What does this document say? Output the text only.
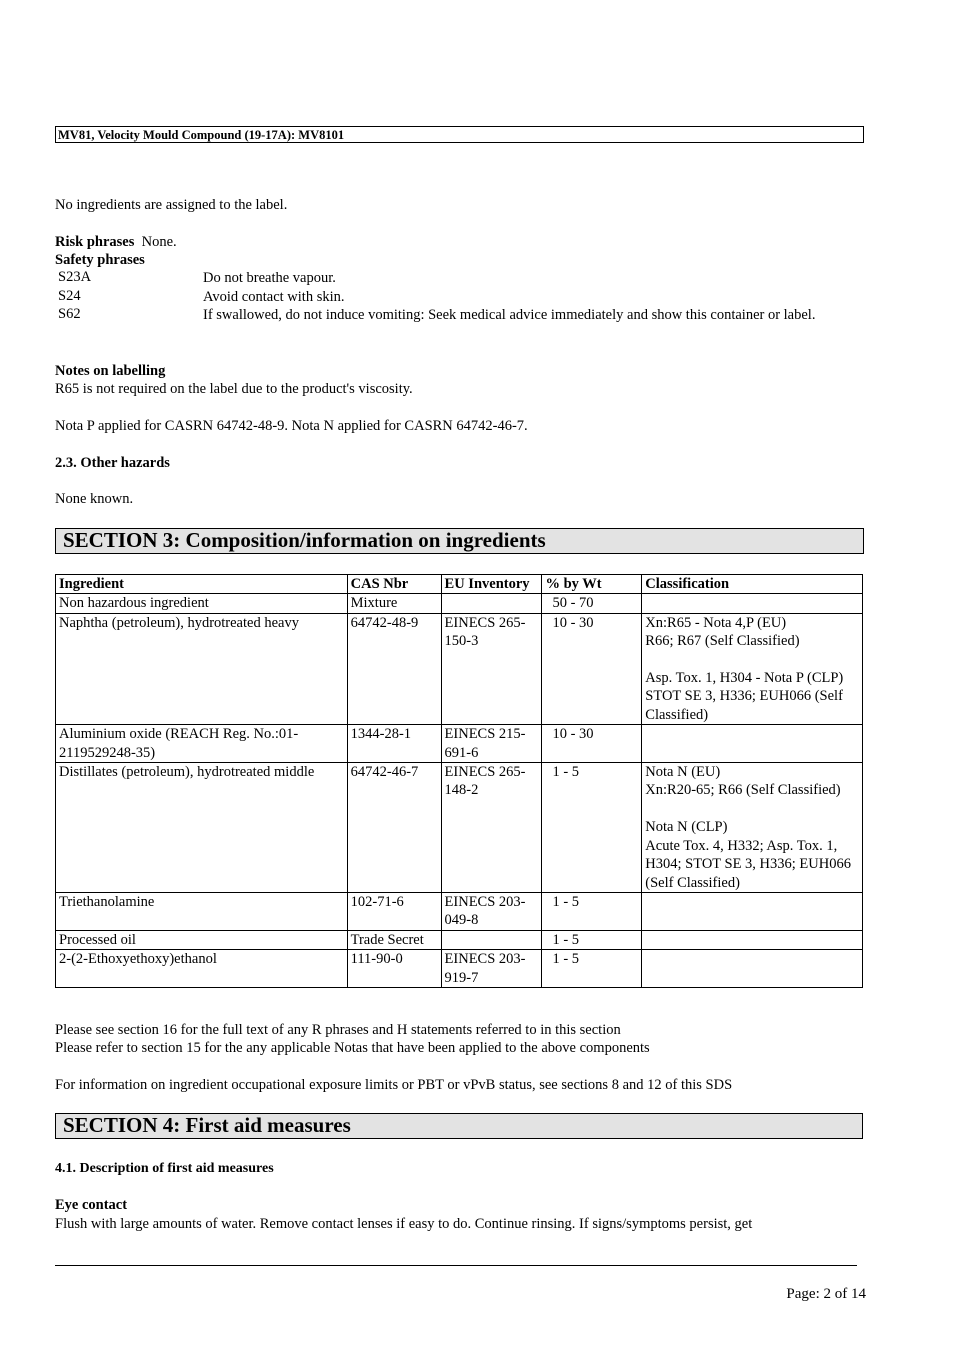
MV81, Velocity Mould Compound (19-17A): MV8101
No ingredients are assigned to the label.
Risk phrases None.
Safety phrases
S23A	Do not breathe vapour.
S24	Avoid contact with skin.
S62	If swallowed, do not induce vomiting: Seek medical advice immediately and show this container or label.
Notes on labelling
R65 is not required on the label due to the product's viscosity.
Nota P applied for CASRN 64742-48-9. Nota N applied for CASRN 64742-46-7.
2.3. Other hazards
None known.
SECTION 3: Composition/information on ingredients
Ingredient	CAS Nbr	EU Inventory	% by Wt	Classification
Non hazardous ingredient	Mixture		50 - 70	
Naphtha (petroleum), hydrotreated heavy	64742-48-9	EINECS 265-150-3	10 - 30	Xn:R65 - Nota 4,P (EU)
R66; R67 (Self Classified)

Asp. Tox. 1, H304 - Nota P (CLP)
STOT SE 3, H336; EUH066 (Self Classified)
Aluminium oxide (REACH Reg. No.:01-2119529248-35)	1344-28-1	EINECS 215-691-6	10 - 30	
Distillates (petroleum), hydrotreated middle	64742-46-7	EINECS 265-148-2	1 - 5	Nota N (EU)
Xn:R20-65; R66 (Self Classified)

Nota N (CLP)
Acute Tox. 4, H332; Asp. Tox. 1, H304; STOT SE 3, H336; EUH066 (Self Classified)
Triethanolamine	102-71-6	EINECS 203-049-8	1 - 5	
Processed oil	Trade Secret		1 - 5	
2-(2-Ethoxyethoxy)ethanol	111-90-0	EINECS 203-919-7	1 - 5	
Please see section 16 for the full text of any R phrases and H statements referred to in this section
Please refer to section 15 for the any applicable Notas that have been applied to the above components
For information on ingredient occupational exposure limits or PBT or vPvB status, see sections 8 and 12 of this SDS
SECTION 4: First aid measures
4.1. Description of first aid measures
Eye contact
Flush with large amounts of water. Remove contact lenses if easy to do. Continue rinsing. If signs/symptoms persist, get
Page: 2 of 14
